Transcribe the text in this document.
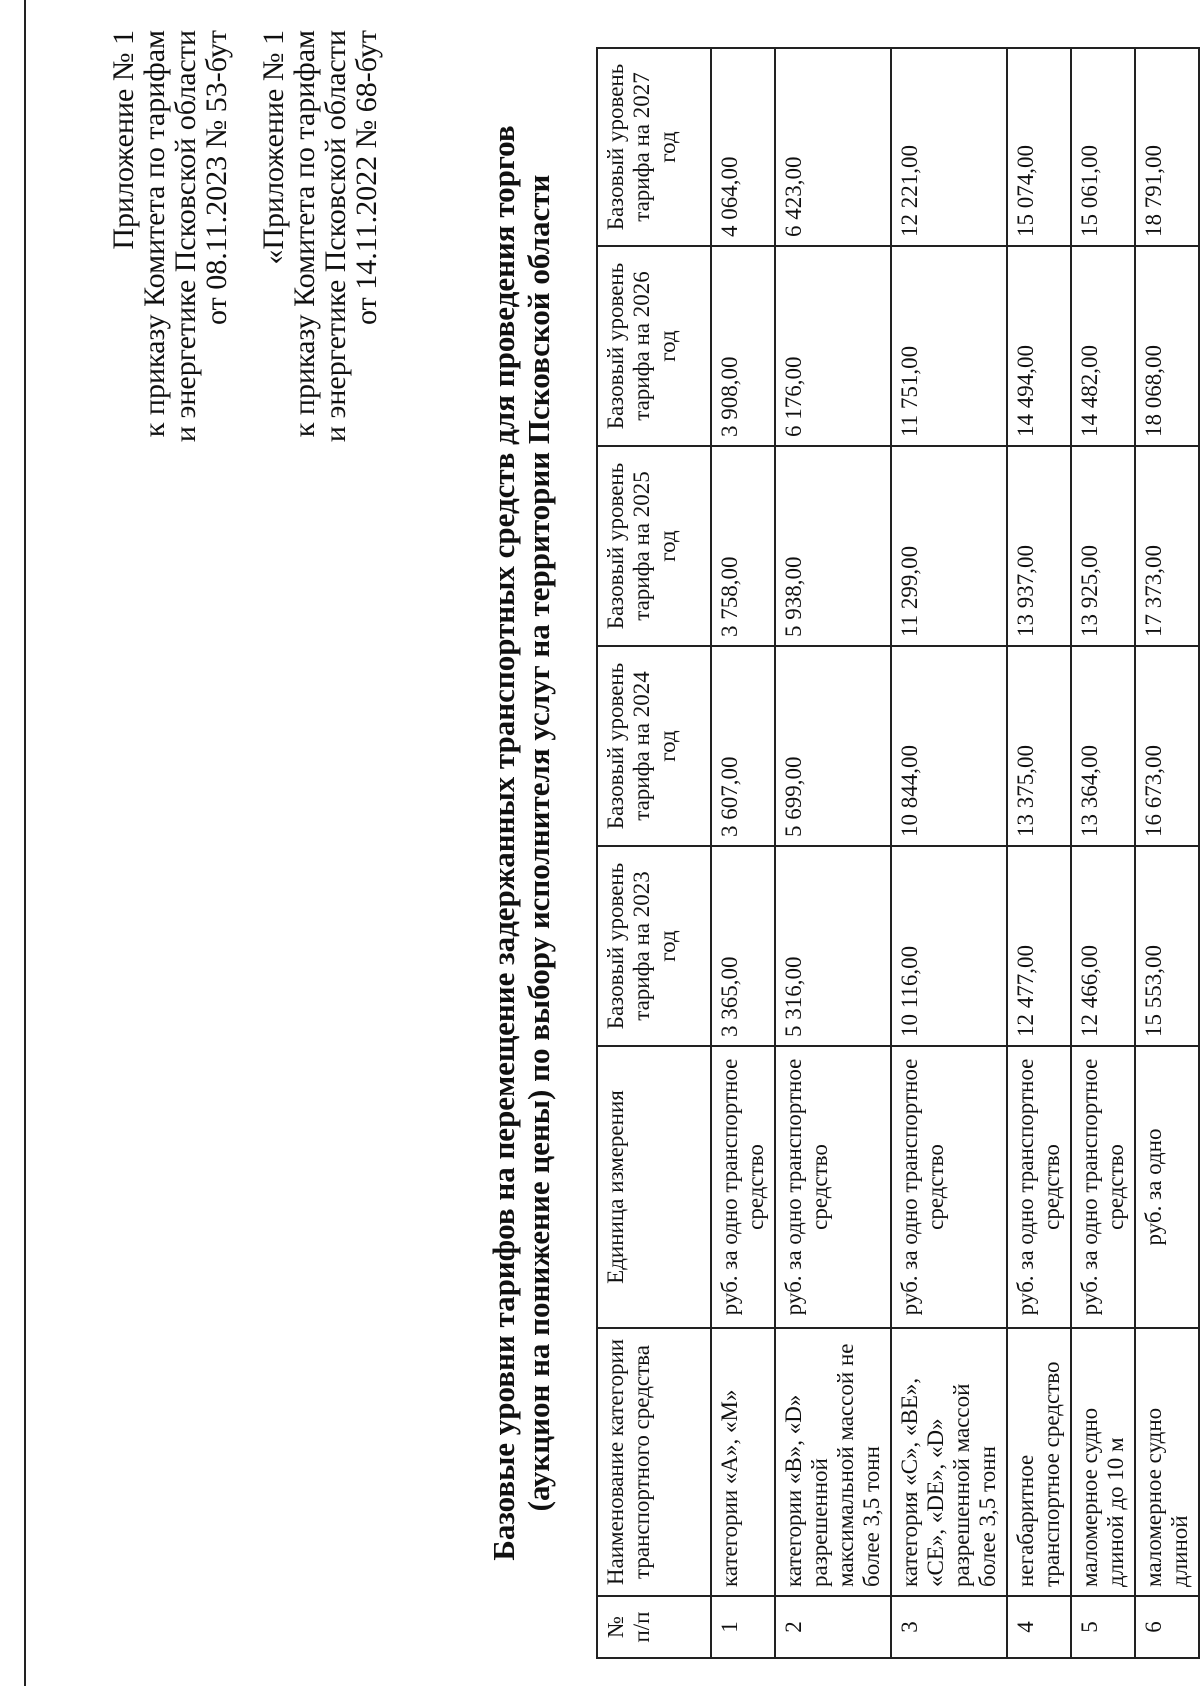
Приложение № 1
к приказу Комитета по тарифам
и энергетике Псковской области
от 08.11.2023 № 53-бут «Приложение № 1
к приказу Комитета по тарифам
и энергетике Псковской области
от 14.11.2022 № 68-бут	Базовые уровни тарифов на перемещение задержанных транспортных средств для проведения торгов (аукцион на понижение цены) по выбору исполнителя услуг на территории Псковской области
№ п/п	Наименование категории транспортного средства	Единица измерения	Базовый уровень тарифа на 2023 год	Базовый уровень тарифа на 2024 год	Базовый уровень тарифа на 2025 год	Базовый уровень тарифа на 2026 год	Базовый уровень тарифа на 2027 год
1	категории «А», «М»	руб. за одно транспортное средство	3 365,00	3 607,00	3 758,00	3 908,00	4 064,00
2	категории «B», «D» разрешенной максимальной массой не более 3,5 тонн	руб. за одно транспортное средство	5 316,00	5 699,00	5 938,00	6 176,00	6 423,00
3	категория «С», «ВЕ», «СЕ», «DE», «D» разрешенной массой более 3,5 тонн	руб. за одно транспортное средство	10 116,00	10 844,00	11 299,00	11 751,00	12 221,00
4	негабаритное транспортное средство	руб. за одно транспортное средство	12 477,00	13 375,00	13 937,00	14 494,00	15 074,00
5	маломерное судно длиной до 10 м	руб. за одно транспортное средство	12 466,00	13 364,00	13 925,00	14 482,00	15 061,00
6	маломерное судно длиной	руб. за одно	15 553,00	16 673,00	17 373,00	18 068,00	18 791,00
